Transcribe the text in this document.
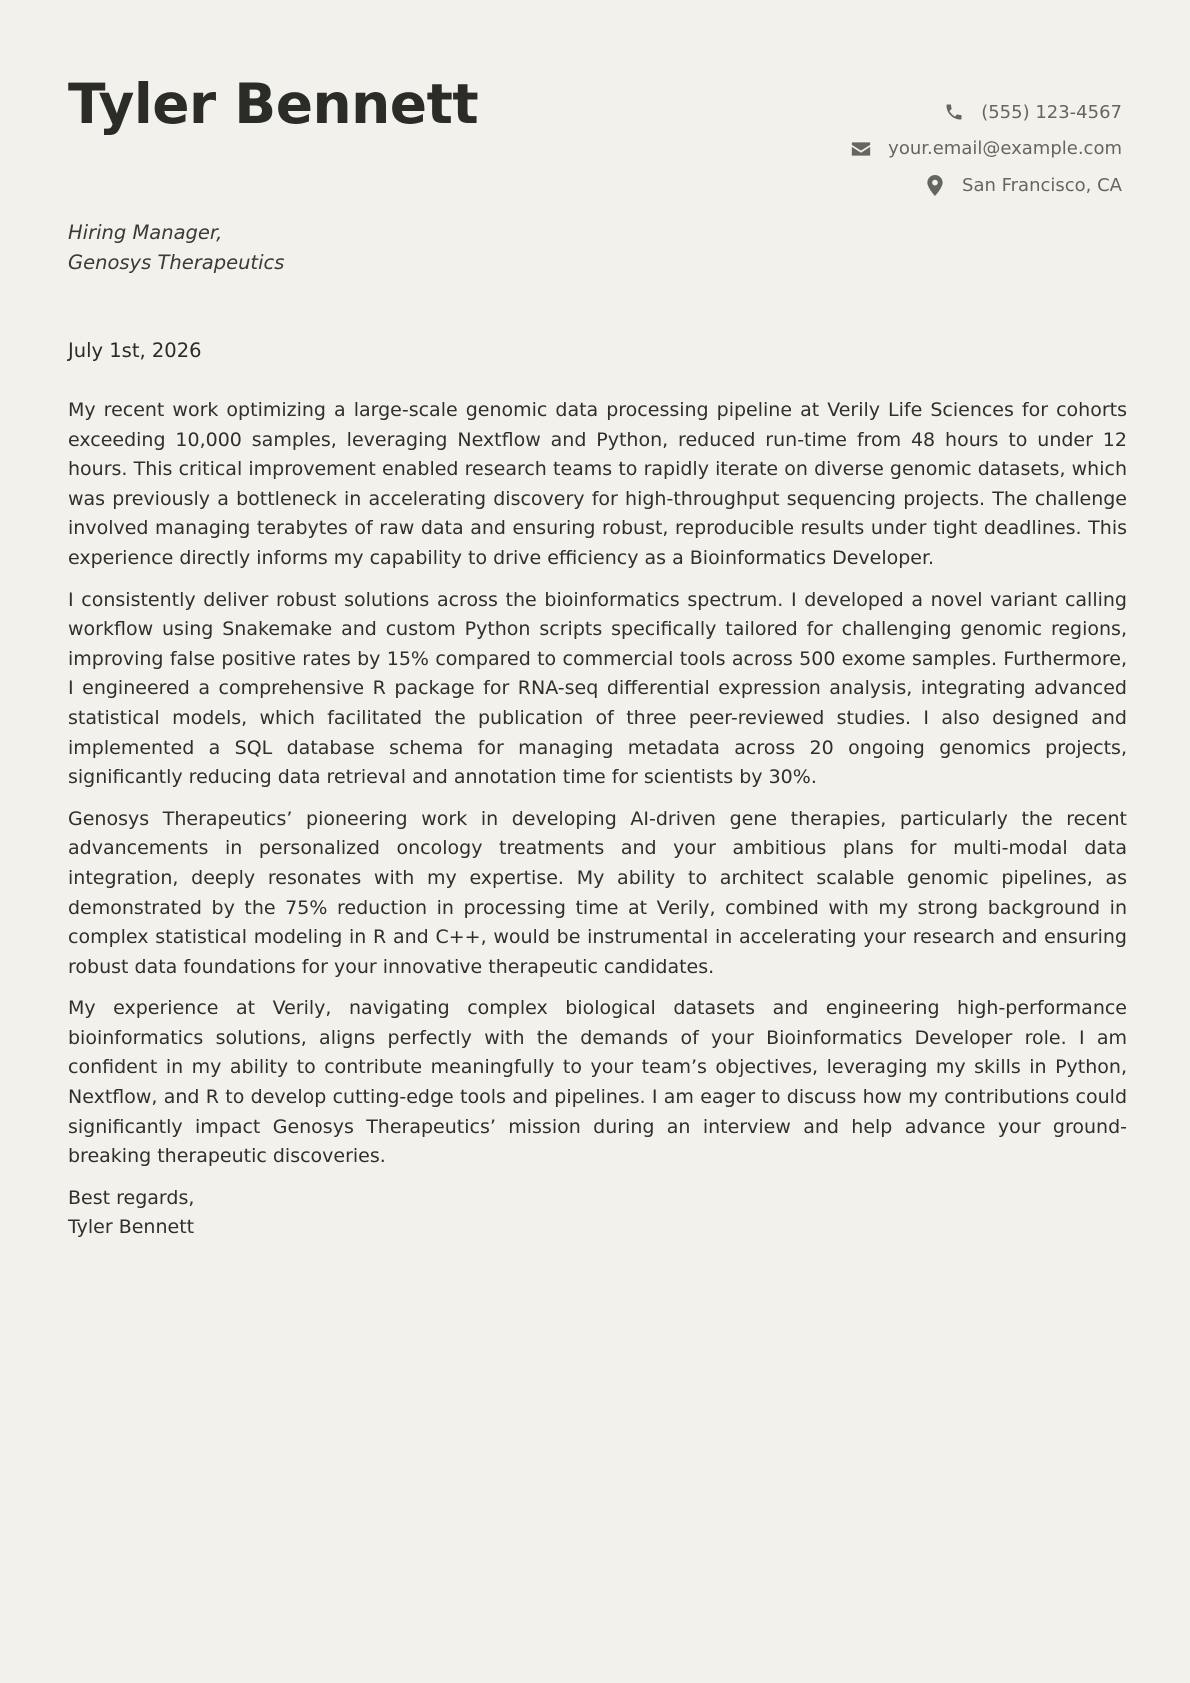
Tyler Bennett	(555) 123-4567
your.email@example.com
San Francisco, CA
Hiring Manager,
Genosys Therapeutics
July 1st, 2026

My recent work optimizing a large-scale genomic data processing pipeline at Verily Life Sciences for cohorts exceeding 10,000 samples, leveraging Nextflow and Python, reduced run-time from 48 hours to under 12 hours. This critical improvement enabled research teams to rapidly iterate on diverse genomic datasets, which was previously a bottleneck in accelerating discovery for high-throughput sequencing projects. The challenge involved managing terabytes of raw data and ensuring robust, reproducible results under tight deadlines. This experience directly informs my capability to drive efficiency as a Bioinformatics Developer.

I consistently deliver robust solutions across the bioinformatics spectrum. I developed a novel variant calling workflow using Snakemake and custom Python scripts specifically tailored for challenging genomic regions, improving false positive rates by 15% compared to commercial tools across 500 exome samples. Furthermore, I engineered a comprehensive R package for RNA-seq differential expression analysis, integrating advanced statistical models, which facilitated the publication of three peer-reviewed studies. I also designed and implemented a SQL database schema for managing metadata across 20 ongoing genomics projects, significantly reducing data retrieval and annotation time for scientists by 30%.

Genosys Therapeutics’ pioneering work in developing AI-driven gene therapies, particularly the recent advancements in personalized oncology treatments and your ambitious plans for multi-modal data integration, deeply resonates with my expertise. My ability to architect scalable genomic pipelines, as demonstrated by the 75% reduction in processing time at Verily, combined with my strong background in complex statistical modeling in R and C++, would be instrumental in accelerating your research and ensuring robust data foundations for your innovative therapeutic candidates.

My experience at Verily, navigating complex biological datasets and engineering high-performance bioinformatics solutions, aligns perfectly with the demands of your Bioinformatics Developer role. I am confident in my ability to contribute meaningfully to your team’s objectives, leveraging my skills in Python, Nextflow, and R to develop cutting-edge tools and pipelines. I am eager to discuss how my contributions could significantly impact Genosys Therapeutics’ mission during an interview and help advance your ground-breaking therapeutic discoveries.

Best regards,
Tyler Bennett
